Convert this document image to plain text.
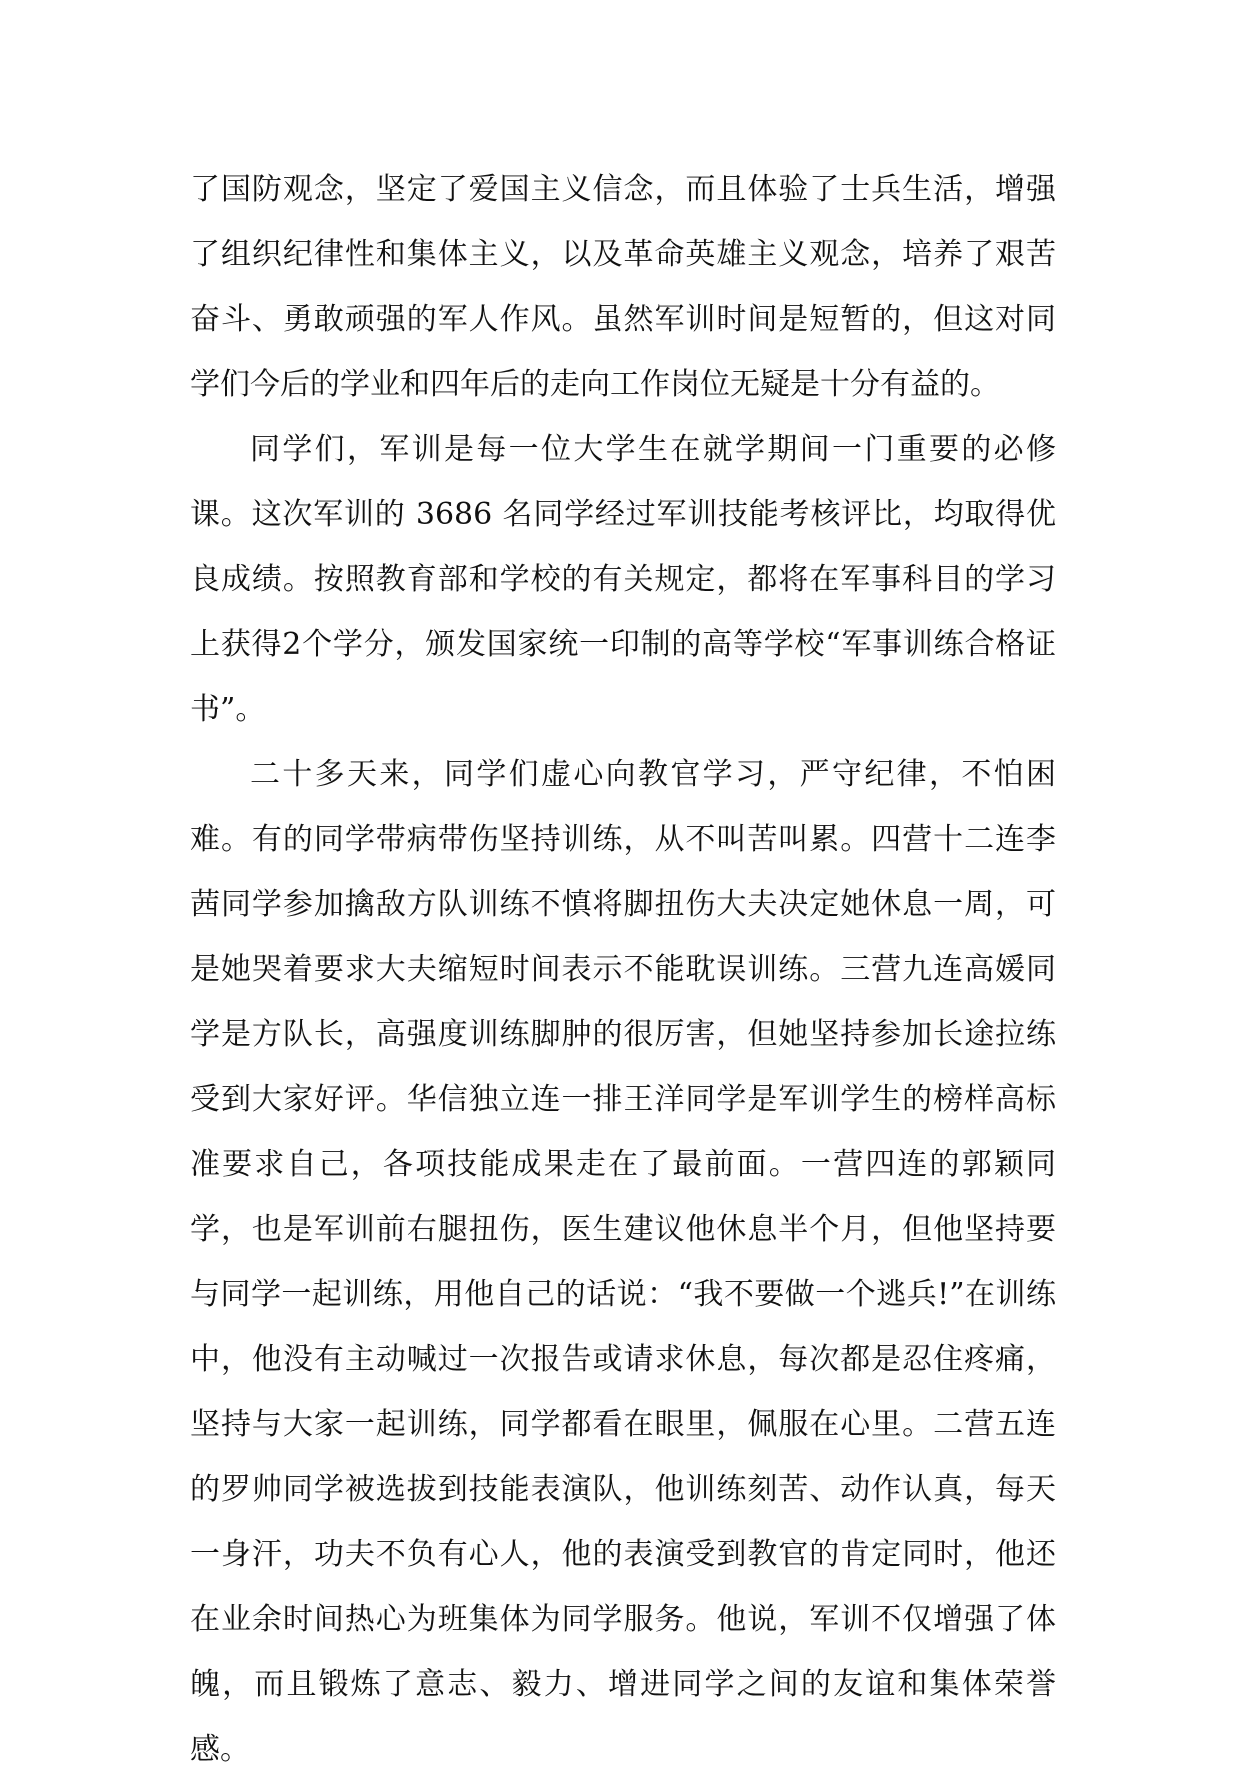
了国防观念，坚定了爱国主义信念，而且体验了士兵生活，增强了组织纪律性和集体主义，以及革命英雄主义观念，培养了艰苦奋斗、勇敢顽强的军人作风。虽然军训时间是短暂的，但这对同学们今后的学业和四年后的走向工作岗位无疑是十分有益的。

同学们，军训是每一位大学生在就学期间一门重要的必修课。这次军训的 3686 名同学经过军训技能考核评比，均取得优良成绩。按照教育部和学校的有关规定，都将在军事科目的学习上获得2个学分，颁发国家统一印制的高等学校“军事训练合格证书”。

二十多天来，同学们虚心向教官学习，严守纪律，不怕困难。有的同学带病带伤坚持训练，从不叫苦叫累。四营十二连李茜同学参加擒敌方队训练不慎将脚扭伤大夫决定她休息一周，可是她哭着要求大夫缩短时间表示不能耽误训练。三营九连高媛同学是方队长，高强度训练脚肿的很厉害，但她坚持参加长途拉练受到大家好评。华信独立连一排王洋同学是军训学生的榜样高标准要求自己，各项技能成果走在了最前面。一营四连的郭颖同学，也是军训前右腿扭伤，医生建议他休息半个月，但他坚持要与同学一起训练，用他自己的话说：“我不要做一个逃兵!”在训练中，他没有主动喊过一次报告或请求休息，每次都是忍住疼痛，坚持与大家一起训练，同学都看在眼里，佩服在心里。二营五连的罗帅同学被选拔到技能表演队，他训练刻苦、动作认真，每天一身汗，功夫不负有心人，他的表演受到教官的肯定同时，他还在业余时间热心为班集体为同学服务。他说，军训不仅增强了体魄，而且锻炼了意志、毅力、增进同学之间的友谊和集体荣誉感。
